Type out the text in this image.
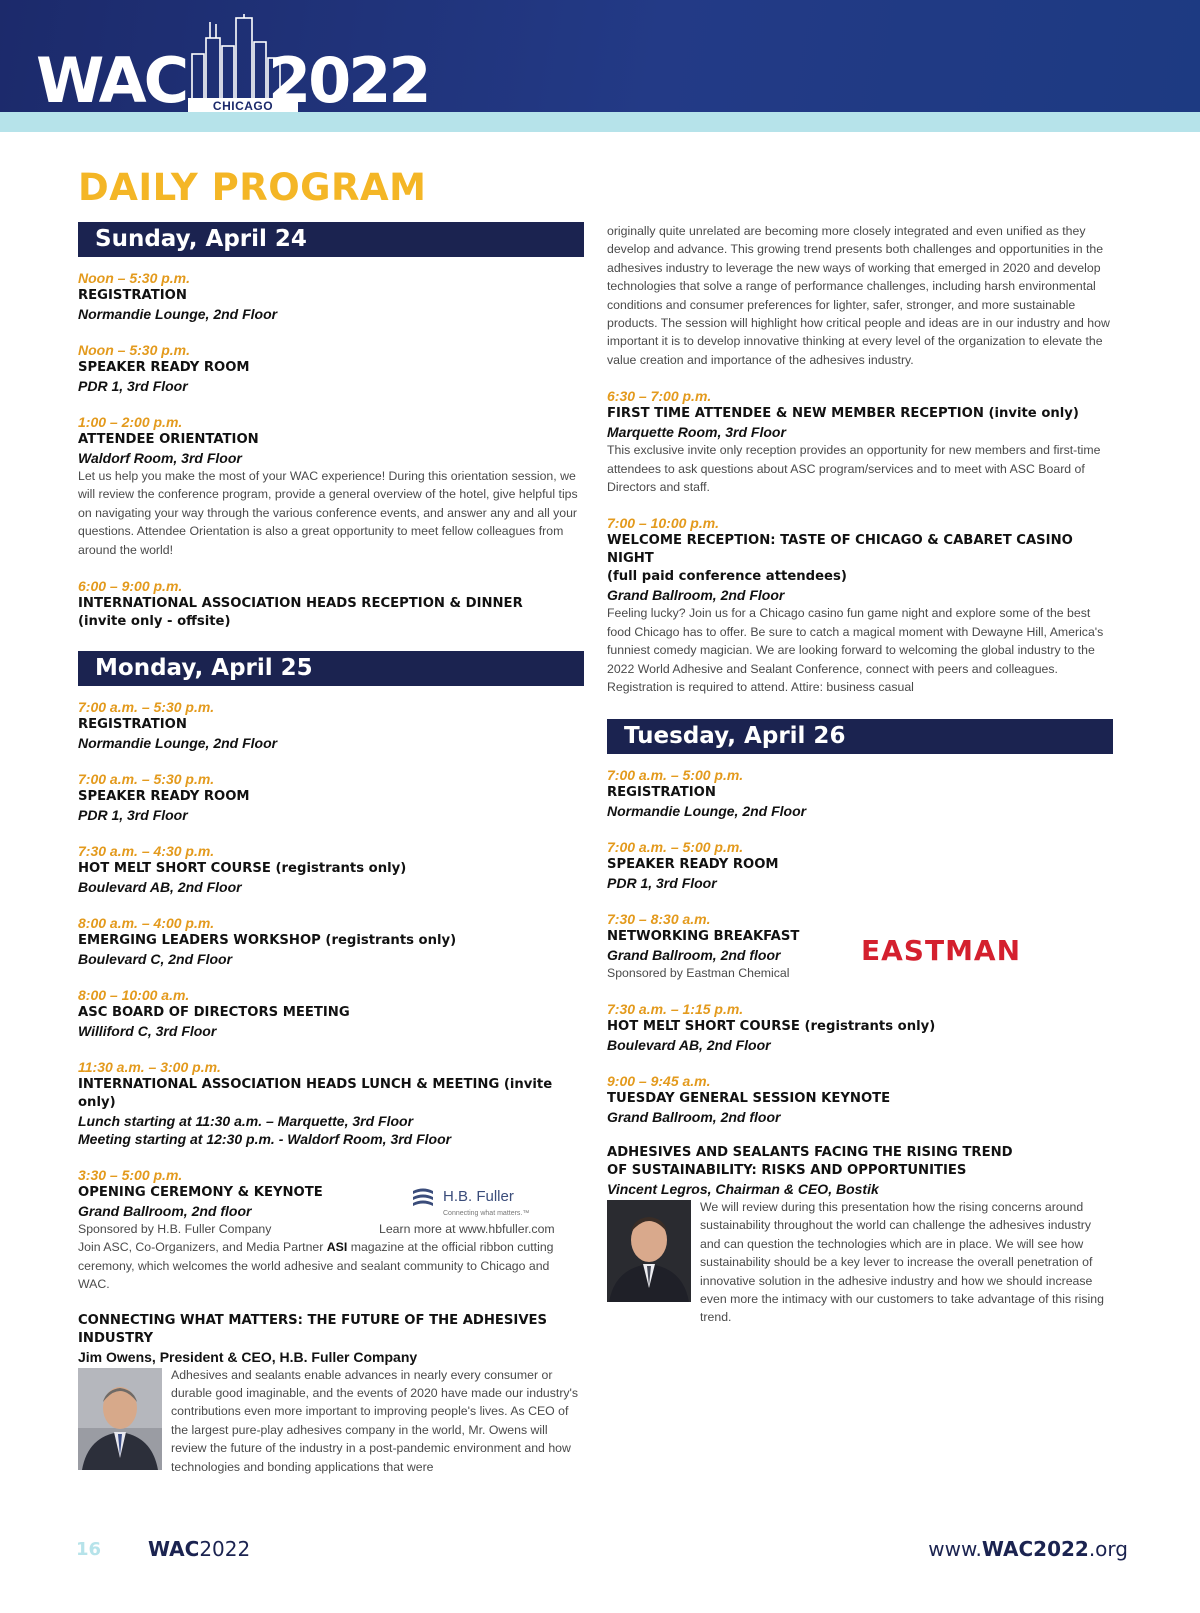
WAC	CHICAGO
2022
DAILY PROGRAM
Sunday, April 24
Noon – 5:30 p.m.
REGISTRATION
Normandie Lounge, 2nd Floor
Noon – 5:30 p.m.
SPEAKER READY ROOM
PDR 1, 3rd Floor
1:00 – 2:00 p.m.
ATTENDEE ORIENTATION
Waldorf Room, 3rd Floor
Let us help you make the most of your WAC experience! During this orientation session, we will review the conference program, provide a general overview of the hotel, give helpful tips on navigating your way through the various conference events, and answer any and all your questions. Attendee Orientation is also a great opportunity to meet fellow colleagues from around the world!
6:00 – 9:00 p.m.
INTERNATIONAL ASSOCIATION HEADS RECEPTION & DINNER
(invite only - offsite)
Monday, April 25
7:00 a.m. – 5:30 p.m.
REGISTRATION
Normandie Lounge, 2nd Floor
7:00 a.m. – 5:30 p.m.
SPEAKER READY ROOM
PDR 1, 3rd Floor
7:30 a.m. – 4:30 p.m.
HOT MELT SHORT COURSE (registrants only)
Boulevard AB, 2nd Floor
8:00 a.m. – 4:00 p.m.
EMERGING LEADERS WORKSHOP (registrants only)
Boulevard C, 2nd Floor
8:00 – 10:00 a.m.
ASC BOARD OF DIRECTORS MEETING
Williford C, 3rd Floor
11:30 a.m. – 3:00 p.m.
INTERNATIONAL ASSOCIATION HEADS LUNCH & MEETING (invite only)
Lunch starting at 11:30 a.m. – Marquette, 3rd Floor
Meeting starting at 12:30 p.m. - Waldorf Room, 3rd Floor
3:30 – 5:00 p.m.
OPENING CEREMONY & KEYNOTE
Grand Ballroom, 2nd floor
Sponsored by H.B. Fuller Company	Learn more at www.hbfuller.com
Join ASC, Co-Organizers, and Media Partner ASI magazine at the official ribbon cutting ceremony, which welcomes the world adhesive and sealant community to Chicago and WAC.
H.B. Fuller
Connecting what matters.™
CONNECTING WHAT MATTERS: THE FUTURE OF THE ADHESIVES INDUSTRY
Jim Owens, President & CEO, H.B. Fuller Company
Adhesives and sealants enable advances in nearly every consumer or durable good imaginable, and the events of 2020 have made our industry's contributions even more important to improving people's lives. As CEO of the largest pure-play adhesives company in the world, Mr. Owens will review the future of the industry in a post-pandemic environment and how technologies and bonding applications that were
originally quite unrelated are becoming more closely integrated and even unified as they develop and advance. This growing trend presents both challenges and opportunities in the adhesives industry to leverage the new ways of working that emerged in 2020 and develop technologies that solve a range of performance challenges, including harsh environmental conditions and consumer preferences for lighter, safer, stronger, and more sustainable products. The session will highlight how critical people and ideas are in our industry and how important it is to develop innovative thinking at every level of the organization to elevate the value creation and importance of the adhesives industry.
6:30 – 7:00 p.m.
FIRST TIME ATTENDEE & NEW MEMBER RECEPTION (invite only)
Marquette Room, 3rd Floor
This exclusive invite only reception provides an opportunity for new members and first-time attendees to ask questions about ASC program/services and to meet with ASC Board of Directors and staff.
7:00 – 10:00 p.m.
WELCOME RECEPTION: TASTE OF CHICAGO & CABARET CASINO NIGHT
(full paid conference attendees)
Grand Ballroom, 2nd Floor
Feeling lucky? Join us for a Chicago casino fun game night and explore some of the best food Chicago has to offer. Be sure to catch a magical moment with Dewayne Hill, America's funniest comedy magician. We are looking forward to welcoming the global industry to the 2022 World Adhesive and Sealant Conference, connect with peers and colleagues. Registration is required to attend. Attire: business casual
Tuesday, April 26
7:00 a.m. – 5:00 p.m.
REGISTRATION
Normandie Lounge, 2nd Floor
7:00 a.m. – 5:00 p.m.
SPEAKER READY ROOM
PDR 1, 3rd Floor
7:30 – 8:30 a.m.
NETWORKING BREAKFAST
Grand Ballroom, 2nd floor
Sponsored by Eastman Chemical
EASTMAN
7:30 a.m. – 1:15 p.m.
HOT MELT SHORT COURSE (registrants only)
Boulevard AB, 2nd Floor
9:00 – 9:45 a.m.
TUESDAY GENERAL SESSION KEYNOTE
Grand Ballroom, 2nd floor
ADHESIVES AND SEALANTS FACING THE RISING TREND
OF SUSTAINABILITY: RISKS AND OPPORTUNITIES
Vincent Legros, Chairman & CEO, Bostik
We will review during this presentation how the rising concerns around sustainability throughout the world can challenge the adhesives industry and can question the technologies which are in place. We will see how sustainability should be a key lever to increase the overall penetration of innovative solution in the adhesive industry and how we should increase even more the intimacy with our customers to take advantage of this rising trend.
16 WAC2022	www.WAC2022.org
